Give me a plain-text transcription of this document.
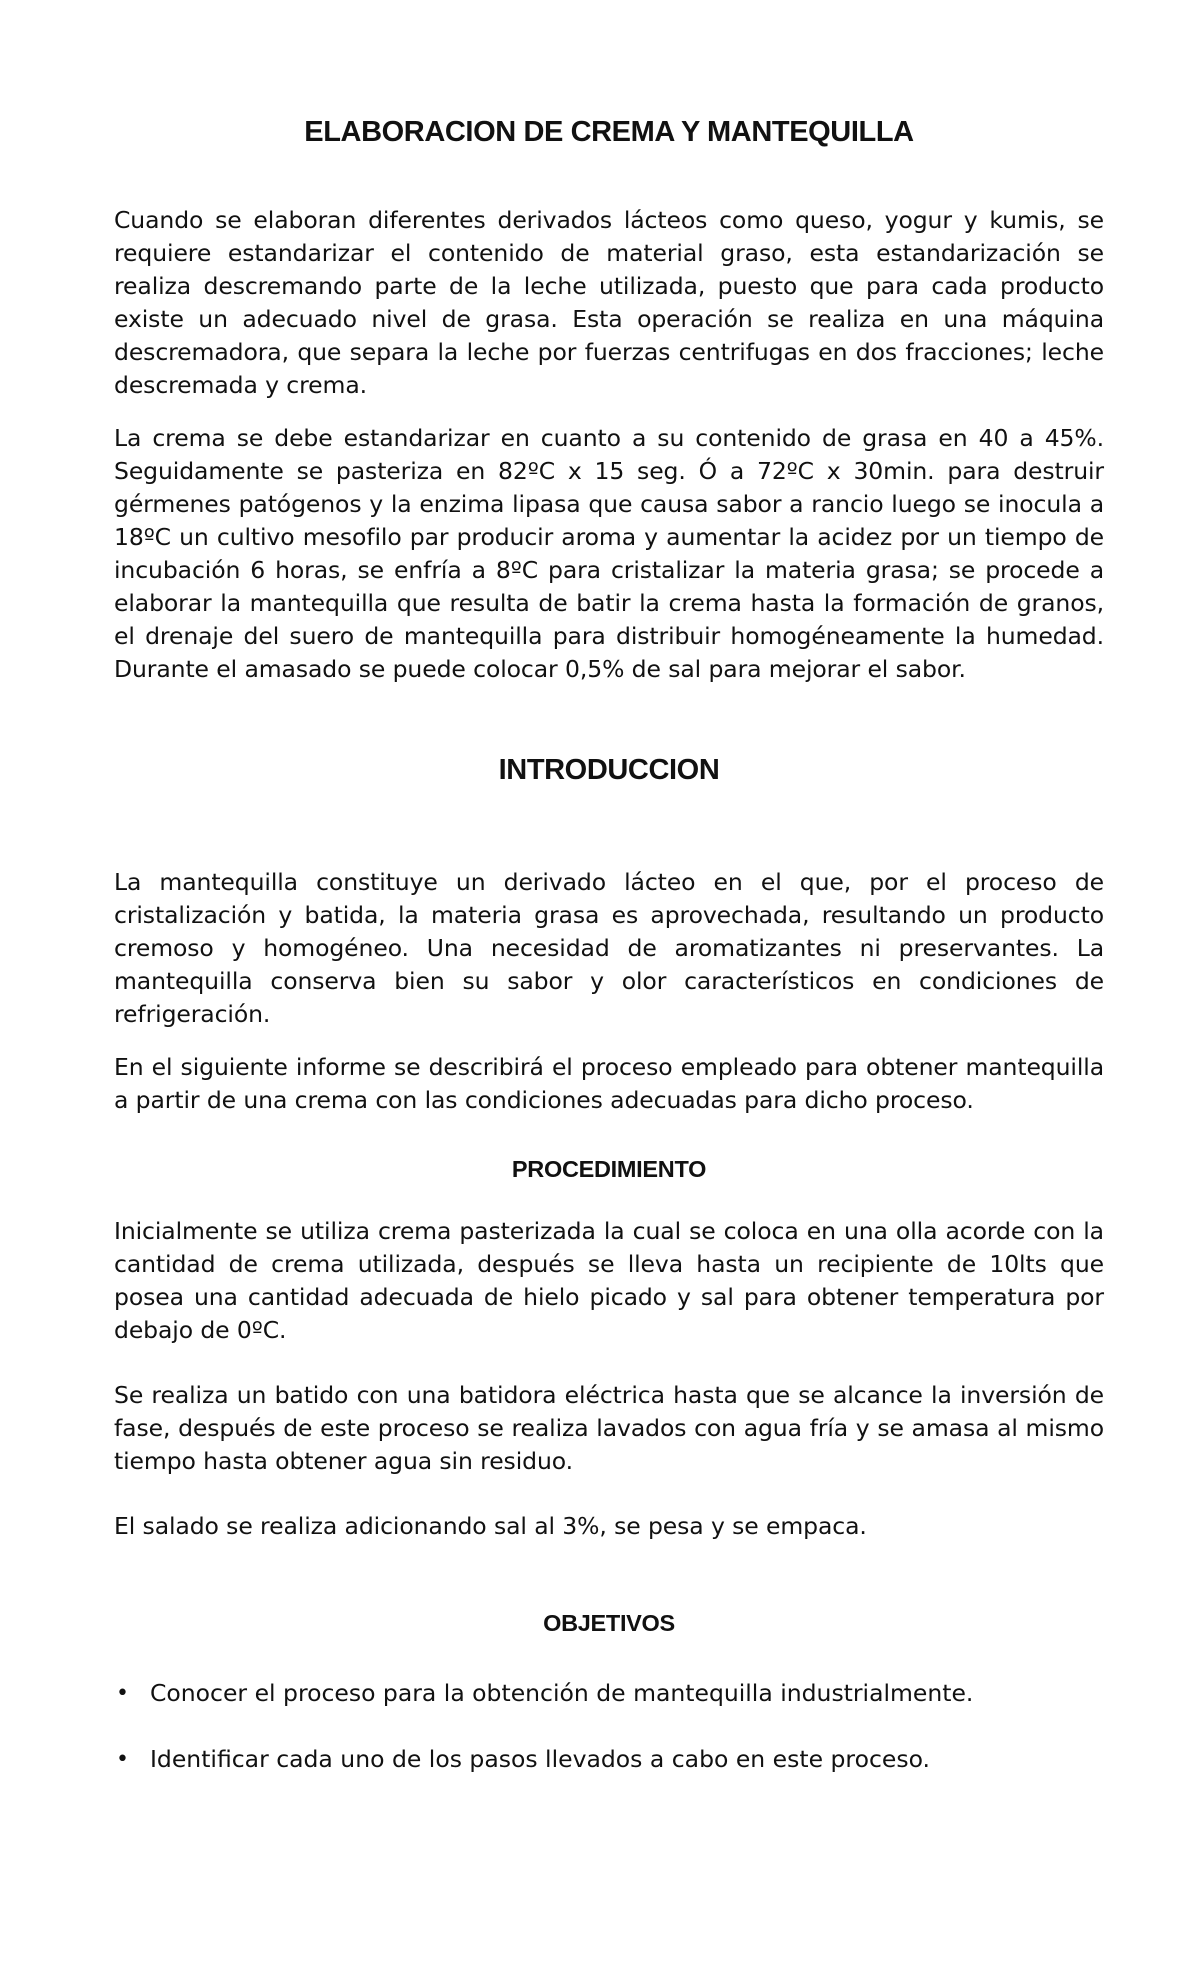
ELABORACION DE CREMA Y MANTEQUILLA

Cuando se elaboran diferentes derivados lácteos como queso, yogur y kumis, se requiere estandarizar el contenido de material graso, esta estandarización se realiza descremando parte de la leche utilizada, puesto que para cada producto existe un adecuado nivel de grasa. Esta operación se realiza en una máquina descremadora, que separa la leche por fuerzas centrifugas en dos fracciones; leche descremada y crema.

La crema se debe estandarizar en cuanto a su contenido de grasa en 40 a 45%. Seguidamente se pasteriza en 82ºC x 15 seg. Ó a 72ºC x 30min. para destruir gérmenes patógenos y la enzima lipasa que causa sabor a rancio luego se inocula a 18ºC un cultivo mesofilo par producir aroma y aumentar la acidez por un tiempo de incubación 6 horas, se enfría a 8ºC para cristalizar la materia grasa; se procede a elaborar la mantequilla que resulta de batir la crema hasta la formación de granos, el drenaje del suero de mantequilla para distribuir homogéneamente la humedad. Durante el amasado se puede colocar 0,5% de sal para mejorar el sabor.

INTRODUCCION

La mantequilla constituye un derivado lácteo en el que, por el proceso de cristalización y batida, la materia grasa es aprovechada, resultando un producto cremoso y homogéneo. Una necesidad de aromatizantes ni preservantes. La mantequilla conserva bien su sabor y olor característicos en condiciones de refrigeración.

En el siguiente informe se describirá el proceso empleado para obtener mantequilla a partir de una crema con las condiciones adecuadas para dicho proceso.

PROCEDIMIENTO

Inicialmente se utiliza crema pasterizada la cual se coloca en una olla acorde con la cantidad de crema utilizada, después se lleva hasta un recipiente de 10lts que posea una cantidad adecuada de hielo picado y sal para obtener temperatura por debajo de 0ºC.

Se realiza un batido con una batidora eléctrica hasta que se alcance la inversión de fase, después de este proceso se realiza lavados con agua fría y se amasa al mismo tiempo hasta obtener agua sin residuo.

El salado se realiza adicionando sal al 3%, se pesa y se empaca.

OBJETIVOS
• Conocer el proceso para la obtención de mantequilla industrialmente.
• Identificar cada uno de los pasos llevados a cabo en este proceso.
